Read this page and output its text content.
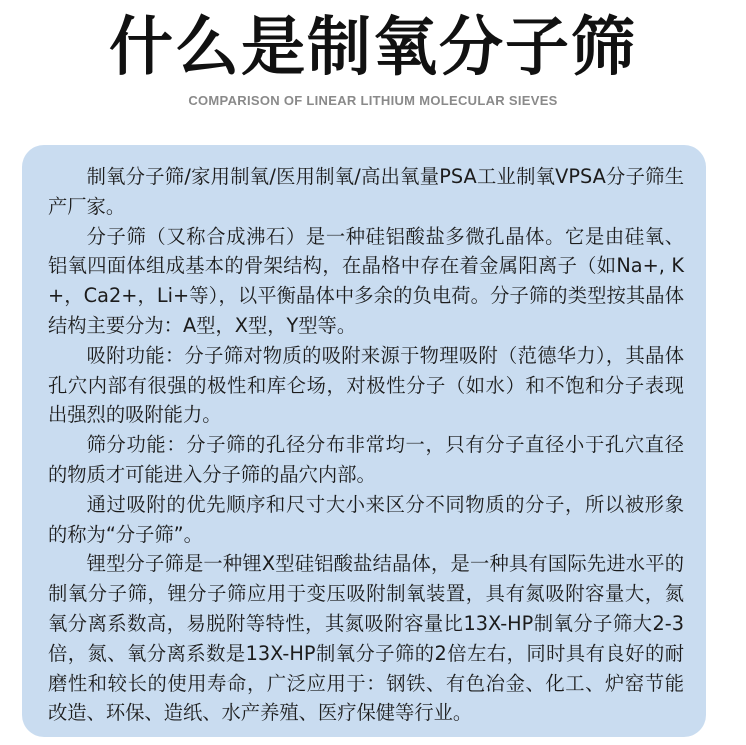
什么是制氧分子筛
COMPARISON OF LINEAR LITHIUM MOLECULAR SIEVES

制氧分子筛/家用制氧/医用制氧/高出氧量PSA工业制氧VPSA分子筛生产厂家。

分子筛（又称合成沸石）是一种硅铝酸盐多微孔晶体。它是由硅氧、铝氧四面体组成基本的骨架结构，在晶格中存在着金属阳离子（如Na+, K+，Ca2+，Li+等），以平衡晶体中多余的负电荷。分子筛的类型按其晶体结构主要分为：A型，X型，Y型等。

吸附功能：分子筛对物质的吸附来源于物理吸附（范德华力），其晶体孔穴内部有很强的极性和库仑场，对极性分子（如水）和不饱和分子表现出强烈的吸附能力。

筛分功能：分子筛的孔径分布非常均一，只有分子直径小于孔穴直径的物质才可能进入分子筛的晶穴内部。

通过吸附的优先顺序和尺寸大小来区分不同物质的分子，所以被形象的称为“分子筛”。

锂型分子筛是一种锂X型硅铝酸盐结晶体，是一种具有国际先进水平的制氧分子筛，锂分子筛应用于变压吸附制氧装置，具有氮吸附容量大，氮氧分离系数高，易脱附等特性，其氮吸附容量比13X-HP制氧分子筛大2-3倍，氮、氧分离系数是13X-HP制氧分子筛的2倍左右，同时具有良好的耐磨性和较长的使用寿命，广泛应用于：钢铁、有色冶金、化工、炉窑节能改造、环保、造纸、水产养殖、医疗保健等行业。
